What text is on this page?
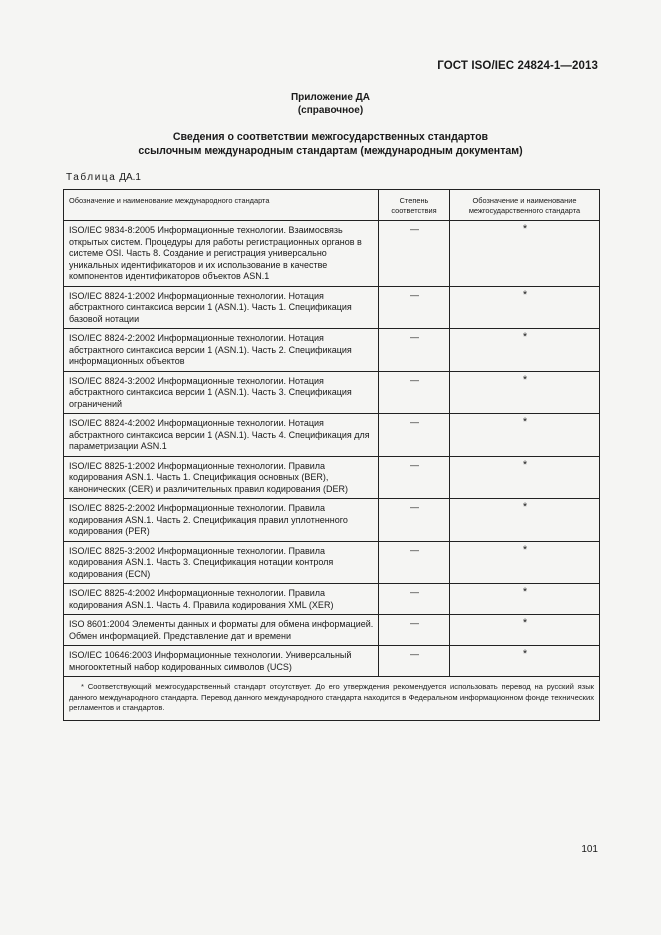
ГОСТ ISO/IEC 24824-1—2013
Приложение ДА
(справочное)
Сведения о соответствии межгосударственных стандартов
ссылочным международным стандартам (международным документам)
Таблица ДА.1
Обозначение и наименование международного стандарта	Степень соответствия	Обозначение и наименование межгосударственного стандарта
ISO/IEC 9834-8:2005 Информационные технологии. Взаимосвязь открытых систем. Процедуры для работы регистрационных органов в системе OSI. Часть 8. Создание и регистрация универсально уникальных идентификаторов и их использование в качестве компонентов идентификаторов объектов ASN.1	—	*
ISO/IEC 8824-1:2002 Информационные технологии. Нотация абстрактного синтаксиса версии 1 (ASN.1). Часть 1. Спецификация базовой нотации	—	*
ISO/IEC 8824-2:2002 Информационные технологии. Нотация абстрактного синтаксиса версии 1 (ASN.1). Часть 2. Спецификация информационных объектов	—	*
ISO/IEC 8824-3:2002 Информационные технологии. Нотация абстрактного синтаксиса версии 1 (ASN.1). Часть 3. Спецификация ограничений	—	*
ISO/IEC 8824-4:2002 Информационные технологии. Нотация абстрактного синтаксиса версии 1 (ASN.1). Часть 4. Спецификация для параметризации ASN.1	—	*
ISO/IEC 8825-1:2002 Информационные технологии. Правила кодирования ASN.1. Часть 1. Спецификация основных (BER), канонических (CER) и различительных правил кодирования (DER)	—	*
ISO/IEC 8825-2:2002 Информационные технологии. Правила кодирования ASN.1. Часть 2. Спецификация правил уплотненного кодирования (PER)	—	*
ISO/IEC 8825-3:2002 Информационные технологии. Правила кодирования ASN.1. Часть 3. Спецификация нотации контроля кодирования (ECN)	—	*
ISO/IEC 8825-4:2002 Информационные технологии. Правила кодирования ASN.1. Часть 4. Правила кодирования XML (XER)	—	*
ISO 8601:2004 Элементы данных и форматы для обмена информацией. Обмен информацией. Представление дат и времени	—	*
ISO/IEC 10646:2003 Информационные технологии. Универсальный многооктетный набор кодированных символов (UCS)	—	*
* Соответствующий межгосударственный стандарт отсутствует. До его утверждения рекомендуется использовать перевод на русский язык данного международного стандарта. Перевод данного международного стандарта находится в Федеральном информационном фонде технических регламентов и стандартов.		
101
